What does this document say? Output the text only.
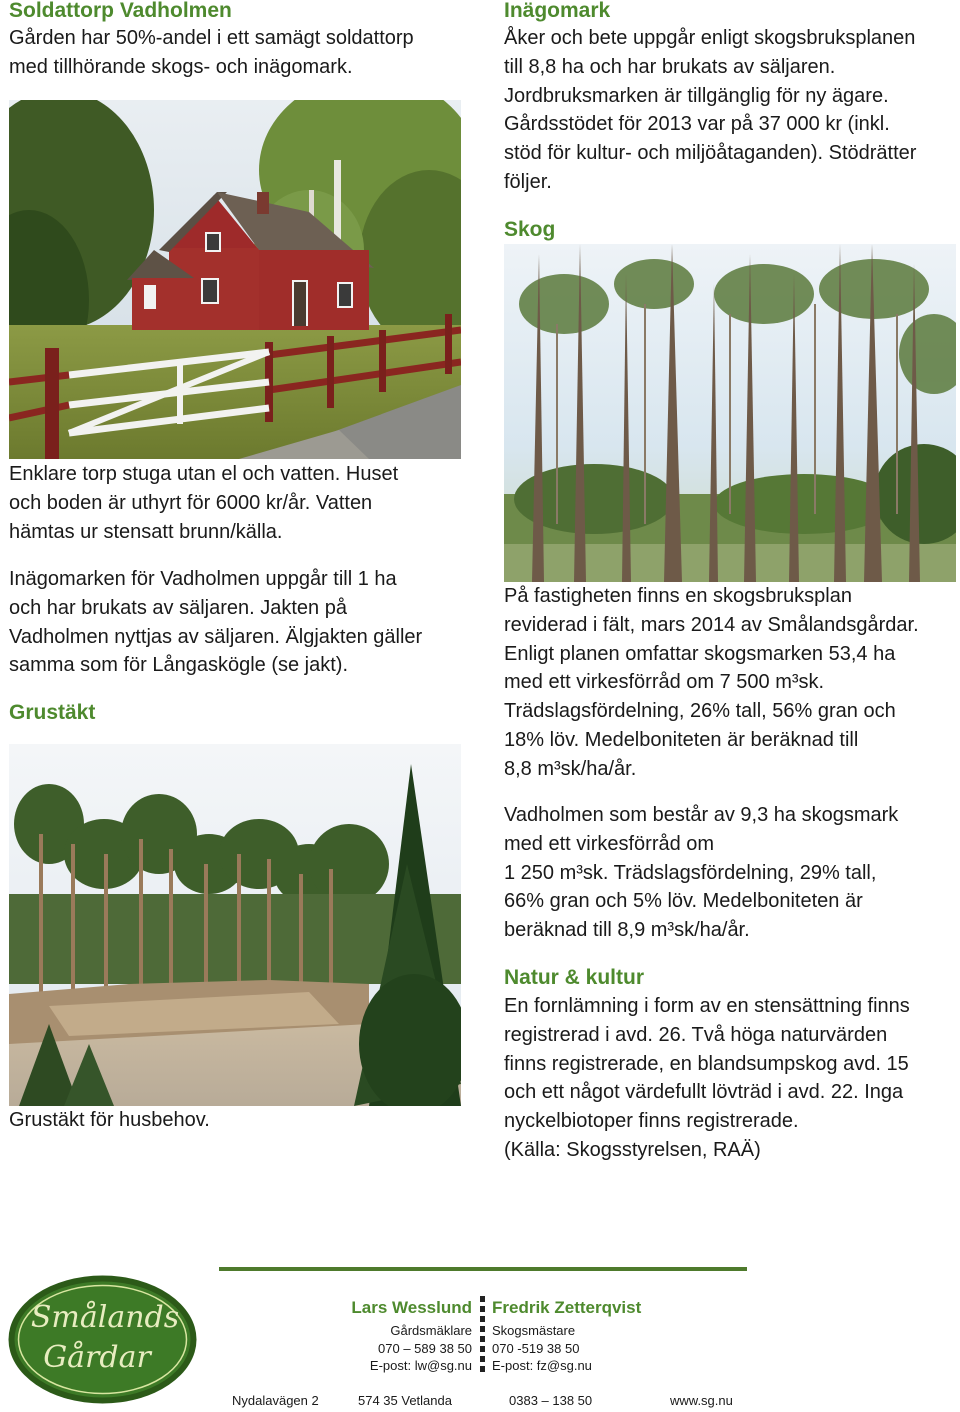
Soldattorp Vadholmen
Gården har 50%-andel i ett samägt soldattorp
med tillhörande skogs- och inägomark.
Enklare torp stuga utan el och vatten. Huset
och boden är uthyrt för 6000 kr/år. Vatten
hämtas ur stensatt brunn/källa.
Inägomarken för Vadholmen uppgår till 1 ha
och har brukats av säljaren. Jakten på
Vadholmen nyttjas av säljaren. Älgjakten gäller
samma som för Långaskögle (se jakt).
Grustäkt
Grustäkt för husbehov.
Inägomark
Åker och bete uppgår enligt skogsbruksplanen
till 8,8 ha och har brukats av säljaren.
Jordbruksmarken är tillgänglig för ny ägare.
Gårdsstödet för 2013 var på 37 000 kr (inkl.
stöd för kultur- och miljöåtaganden). Stödrätter
följer.
Skog
På fastigheten finns en skogsbruksplan
reviderad i fält, mars 2014 av Smålandsgårdar.
Enligt planen omfattar skogsmarken 53,4 ha
med ett virkesförråd om 7 500 m³sk.
Trädslagsfördelning, 26% tall, 56% gran och
18% löv. Medelboniteten är beräknad till
8,8 m³sk/ha/år.
Vadholmen som består av 9,3 ha skogsmark
med ett virkesförråd om
1 250 m³sk. Trädslagsfördelning, 29% tall,
66% gran och 5% löv. Medelboniteten är
beräknad till 8,9 m³sk/ha/år.
Natur & kultur
En fornlämning i form av en stensättning finns
registrerad i avd. 26. Två höga naturvärden
finns registrerade, en blandsumpskog avd. 15
och ett något värdefullt lövträd i avd. 22. Inga
nyckelbiotoper finns registrerade.
(Källa: Skogsstyrelsen, RAÄ)
Smålands
Gårdar
Lars Wesslund
Gårdsmäklare
070 – 589 38 50
E-post: lw@sg.nu
Fredrik Zetterqvist
Skogsmästare
070 -519 38 50
E-post: fz@sg.nu
Nydalavägen 2	574 35 Vetlanda	0383 – 138 50	www.sg.nu
